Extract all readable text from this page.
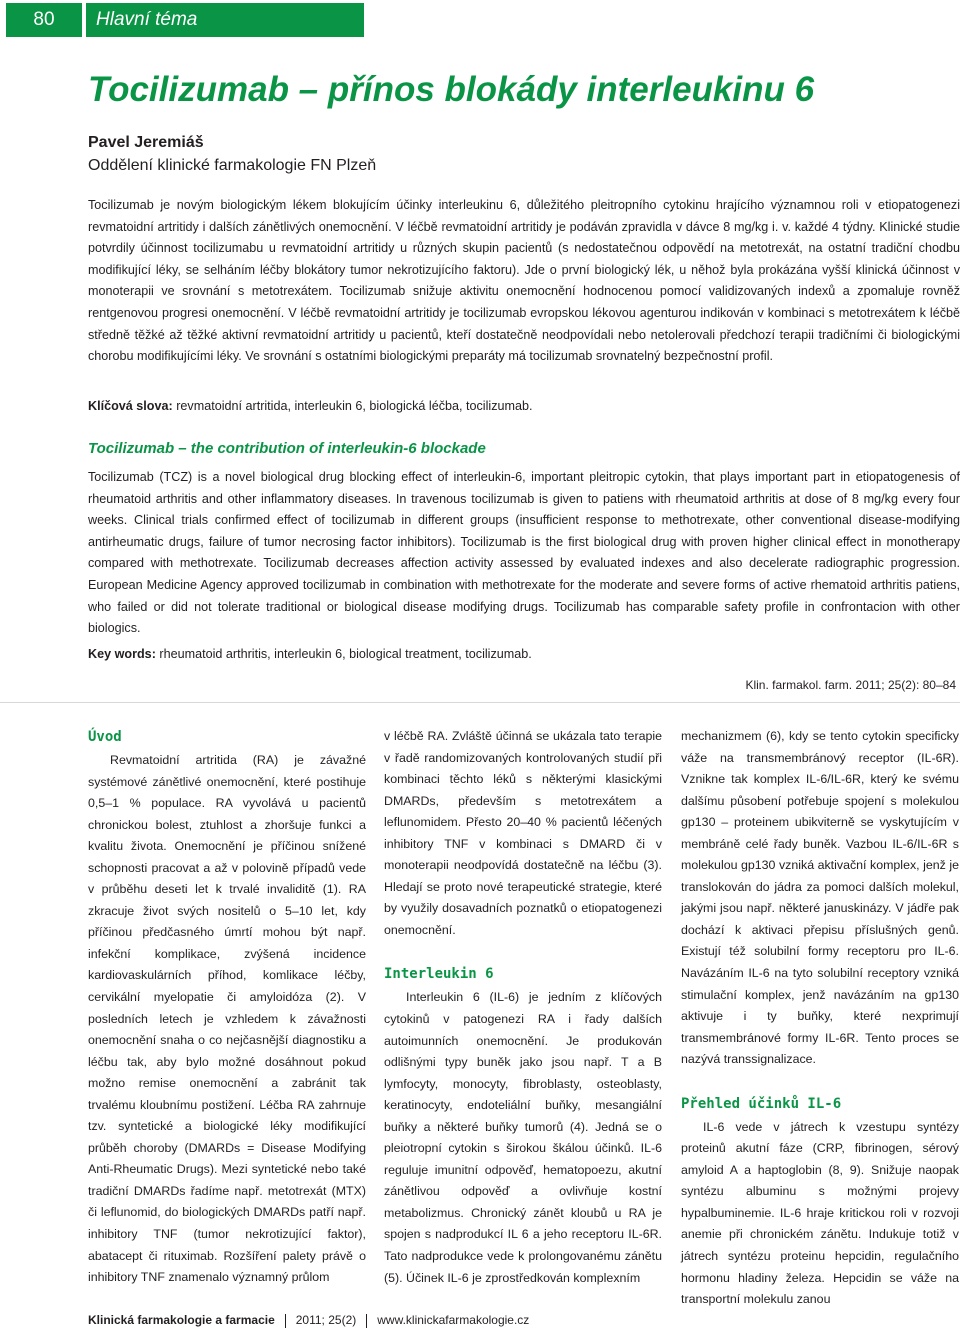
80	Hlavní téma
Tocilizumab – přínos blokády interleukinu 6
Pavel Jeremiáš
Oddělení klinické farmakologie FN Plzeň

Tocilizumab je novým biologickým lékem blokujícím účinky interleukinu 6, důležitého pleitropního cytokinu hrajícího významnou roli v etiopatogenezi revmatoidní artritidy i dalších zánětlivých onemocnění. V léčbě revmatoidní artritidy je podáván zpravidla v dávce 8 mg/kg i. v. každé 4 týdny. Klinické studie potvrdily účinnost tocilizumabu u revmatoidní artritidy u různých skupin pacientů (s nedostatečnou odpovědí na metotrexát, na ostatní tradiční chodbu modifikující léky, se selháním léčby blokátory tumor nekrotizujícího faktoru). Jde o první biologický lék, u něhož byla prokázána vyšší klinická účinnost v monoterapii ve srovnání s metotrexátem. Tocilizumab snižuje aktivitu onemocnění hodnocenou pomocí validizovaných indexů a zpomaluje rovněž rentgenovou progresi onemocnění. V léčbě revmatoidní artritidy je tocilizumab evropskou lékovou agenturou indikován v kombinaci s metotrexátem k léčbě středně těžké až těžké aktivní revmatoidní artritidy u pacientů, kteří dostatečně neodpovídali nebo netolerovali předchozí terapii tradičními či biologickými chorobu modifikujícími léky. Ve srovnání s ostatními biologickými preparáty má tocilizumab srovnatelný bezpečnostní profil.

Klíčová slova: revmatoidní artritida, interleukin 6, biologická léčba, tocilizumab.
Tocilizumab – the contribution of interleukin-6 blockade

Tocilizumab (TCZ) is a novel biological drug blocking effect of interleukin-6, important pleitropic cytokin, that plays important part in etiopatogenesis of rheumatoid arthritis and other inflammatory diseases. In travenous tocilizumab is given to patiens with rheumatoid arthritis at dose of 8 mg/kg every four weeks. Clinical trials confirmed effect of tocilizumab in different groups (insufficient response to methotrexate, other conventional disease-modifying antirheumatic drugs, failure of tumor necrosing factor inhibitors). Tocilizumab is the first biological drug with proven higher clinical effect in monotherapy compared with methotrexate. Tocilizumab decreases affection activity assessed by evaluated indexes and also decelerate radiographic progression. European Medicine Agency approved tocilizumab in combination with methotrexate for the moderate and severe forms of active rhematoid arthritis patiens, who failed or did not tolerate traditional or biological disease modifying drugs. Tocilizumab has comparable safety profile in confrontacion with other biologics.

Key words: rheumatoid arthritis, interleukin 6, biological treatment, tocilizumab.
Klin. farmakol. farm. 2011; 25(2): 80–84
Úvod

Revmatoidní artritida (RA) je závažné systémové zánětlivé onemocnění, které postihuje 0,5–1 % populace. RA vyvolává u pacientů chronickou bolest, ztuhlost a zhoršuje funkci a kvalitu života. Onemocnění je příčinou snížené schopnosti pracovat a až v polovině případů vede v průběhu deseti let k trvalé invaliditě (1). RA zkracuje život svých nositelů o 5–10 let, kdy příčinou předčasného úmrtí mohou být např. infekční komplikace, zvýšená incidence kardiovaskulárních příhod, komlikace léčby, cervikální myelopatie či amyloidóza (2). V posledních letech je vzhledem k závažnosti onemocnění snaha o co nejčasnější diagnostiku a léčbu tak, aby bylo možné dosáhnout pokud možno remise onemocnění a zabránit tak trvalému kloubnímu postižení. Léčba RA zahrnuje tzv. syntetické a biologické léky modifikující průběh choroby (DMARDs = Disease Modifying Anti-Rheumatic Drugs). Mezi syntetické nebo také tradiční DMARDs řadíme např. metotrexát (MTX) či leflunomid, do biologických DMARDs patří např. inhibitory TNF (tumor nekrotizující faktor), abatacept či rituximab. Rozšíření palety právě o inhibitory TNF znamenalo významný průlom

v léčbě RA. Zvláště účinná se ukázala tato terapie v řadě randomizovaných kontrolovaných studií při kombinaci těchto léků s některými klasickými DMARDs, především s metotrexátem a leflunomidem. Přesto 20–40 % pacientů léčených inhibitory TNF v kombinaci s DMARD či v monoterapii neodpovídá dostatečně na léčbu (3). Hledají se proto nové terapeutické strategie, které by využily dosavadních poznatků o etiopatogenezi onemocnění.

Interleukin 6

Interleukin 6 (IL-6) je jedním z klíčových cytokinů v patogenezi RA i řady dalších autoimunních onemocnění. Je produkován odlišnými typy buněk jako jsou např. T a B lymfocyty, monocyty, fibroblasty, osteoblasty, keratinocyty, endoteliální buňky, mesangiální buňky a některé buňky tumorů (4). Jedná se o pleiotropní cytokin s širokou škálou účinků. IL-6 reguluje imunitní odpověď, hematopoezu, akutní zánětlivou odpověď a ovlivňuje kostní metabolizmus. Chronický zánět kloubů u RA je spojen s nadprodukcí IL 6 a jeho receptoru IL-6R. Tato nadprodukce vede k prolongovanému zánětu (5). Účinek IL-6 je zprostředkován komplexním

mechanizmem (6), kdy se tento cytokin specificky váže na transmembránový receptor (IL-6R). Vznikne tak komplex IL-6/IL-6R, který ke svému dalšímu působení potřebuje spojení s molekulou gp130 – proteinem ubikviterně se vyskytujícím v membráně celé řady buněk. Vazbou IL-6/IL-6R s molekulou gp130 vzniká aktivační komplex, jenž je translokován do jádra za pomoci dalších molekul, jakými jsou např. některé januskinázy. V jádře pak dochází k aktivaci přepisu příslušných genů. Existují též solubilní formy receptoru pro IL-6. Navázáním IL-6 na tyto solubilní receptory vzniká stimulační komplex, jenž navázáním na gp130 aktivuje i ty buňky, které nexprimují transmembránové formy IL-6R. Tento proces se nazývá transsignalizace.

Přehled účinků IL-6

IL-6 vede v játrech k vzestupu syntézy proteinů akutní fáze (CRP, fibrinogen, sérový amyloid A a haptoglobin (8, 9). Snižuje naopak syntézu albuminu s možnými projevy hypalbuminemie. IL-6 hraje kritickou roli v rozvoji anemie při chronickém zánětu. Indukuje totiž v játrech syntézu proteinu hepcidin, regulačního hormonu hladiny železa. Hepcidin se váže na transportní molekulu zanou

Klinická farmakologie a farmacie 2011; 25(2) www.klinickafarmakologie.cz
